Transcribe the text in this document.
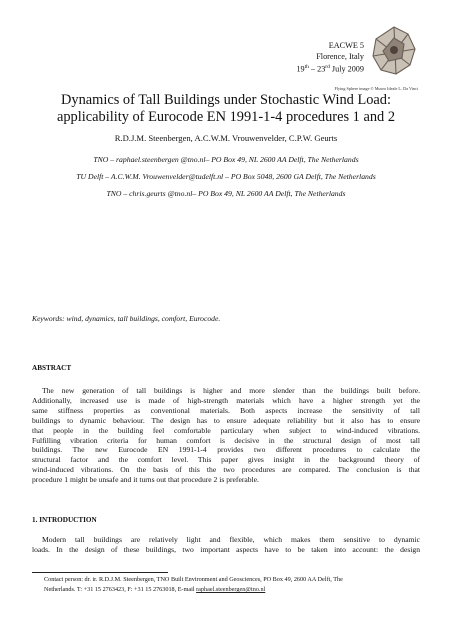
EACWE 5
Florence, Italy
19th – 23rd July 2009
Flying Sphere image © Museo Ideale L. Da Vinci
Dynamics of Tall Buildings under Stochastic Wind Load:
applicability of Eurocode EN 1991-1-4 procedures 1 and 2
R.D.J.M. Steenbergen, A.C.W.M. Vrouwenvelder, C.P.W. Geurts
TNO – raphael.steenbergen @tno.nl– PO Box 49, NL 2600 AA Delft, The Netherlands
TU Delft – A.C.W.M. Vrouwenvelder@tudelft.nl – PO Box 5048, 2600 GA Delft, The Netherlands
TNO – chris.geurts @tno.nl– PO Box 49, NL 2600 AA Delft, The Netherlands
Keywords: wind, dynamics, tall buildings, comfort, Eurocode.
ABSTRACT
The new generation of tall buildings is higher and more slender than the buildings built before.
Additionally, increased use is made of high-strength materials which have a higher strength yet the
same stiffness properties as conventional materials. Both aspects increase the sensitivity of tall
buildings to dynamic behaviour. The design has to ensure adequate reliability but it also has to ensure
that people in the building feel comfortable particulary when subject to wind-induced vibrations.
Fulfilling vibration criteria for human comfort is decisive in the structural design of most tall
buildings. The new Eurocode EN 1991-1-4 provides two different procedures to calculate the
structural factor and the comfort level. This paper gives insight in the background theory of
wind-induced vibrations. On the basis of this the two procedures are compared. The conclusion is that
procedure 1 might be unsafe and it turns out that procedure 2 is preferable.
1. INTRODUCTION
Modern tall buildings are relatively light and flexible, which makes them sensitive to dynamic
loads. In the design of these buildings, two important aspects have to be taken into account: the design
Contact person: dr. ir. R.D.J.M. Steenbergen, TNO Built Environment and Geosciences, PO Box 49, 2600 AA Delft, The
Netherlands. T: +31 15 2763423, F: +31 15 2763018, E-mail raphael.steenbergen@tno.nl
